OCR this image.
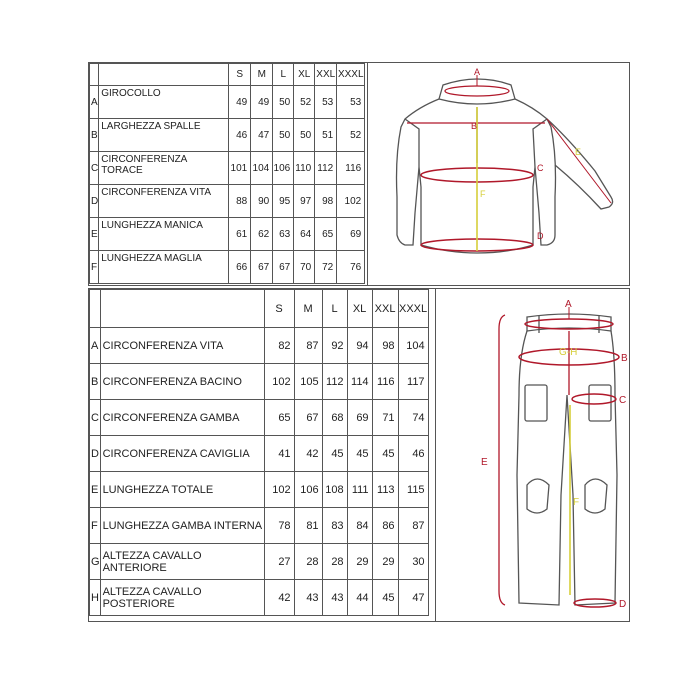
		S	M	L	XL	XXL	XXXL
A	GIROCOLLO	49	49	50	52	53	53
B	LARGHEZZA SPALLE	46	47	50	50	51	52
C	CIRCONFERENZA TORACE	101	104	106	110	112	116
D	CIRCONFERENZA VITA	88	90	95	97	98	102
E	LUNGHEZZA MANICA	61	62	63	64	65	69
F	LUNGHEZZA MAGLIA	66	67	67	70	72	76
A
B
C
D
E
F
		S	M	L	XL	XXL	XXXL
A	CIRCONFERENZA VITA	82	87	92	94	98	104
B	CIRCONFERENZA BACINO	102	105	112	114	116	117
C	CIRCONFERENZA GAMBA	65	67	68	69	71	74
D	CIRCONFERENZA CAVIGLIA	41	42	45	45	45	46
E	LUNGHEZZA TOTALE	102	106	108	111	113	115
F	LUNGHEZZA GAMBA INTERNA	78	81	83	84	86	87
G	ALTEZZA CAVALLO ANTERIORE	27	28	28	29	29	30
H	ALTEZZA CAVALLO POSTERIORE	42	43	43	44	45	47
A
B
C
D
E
F
G-H
